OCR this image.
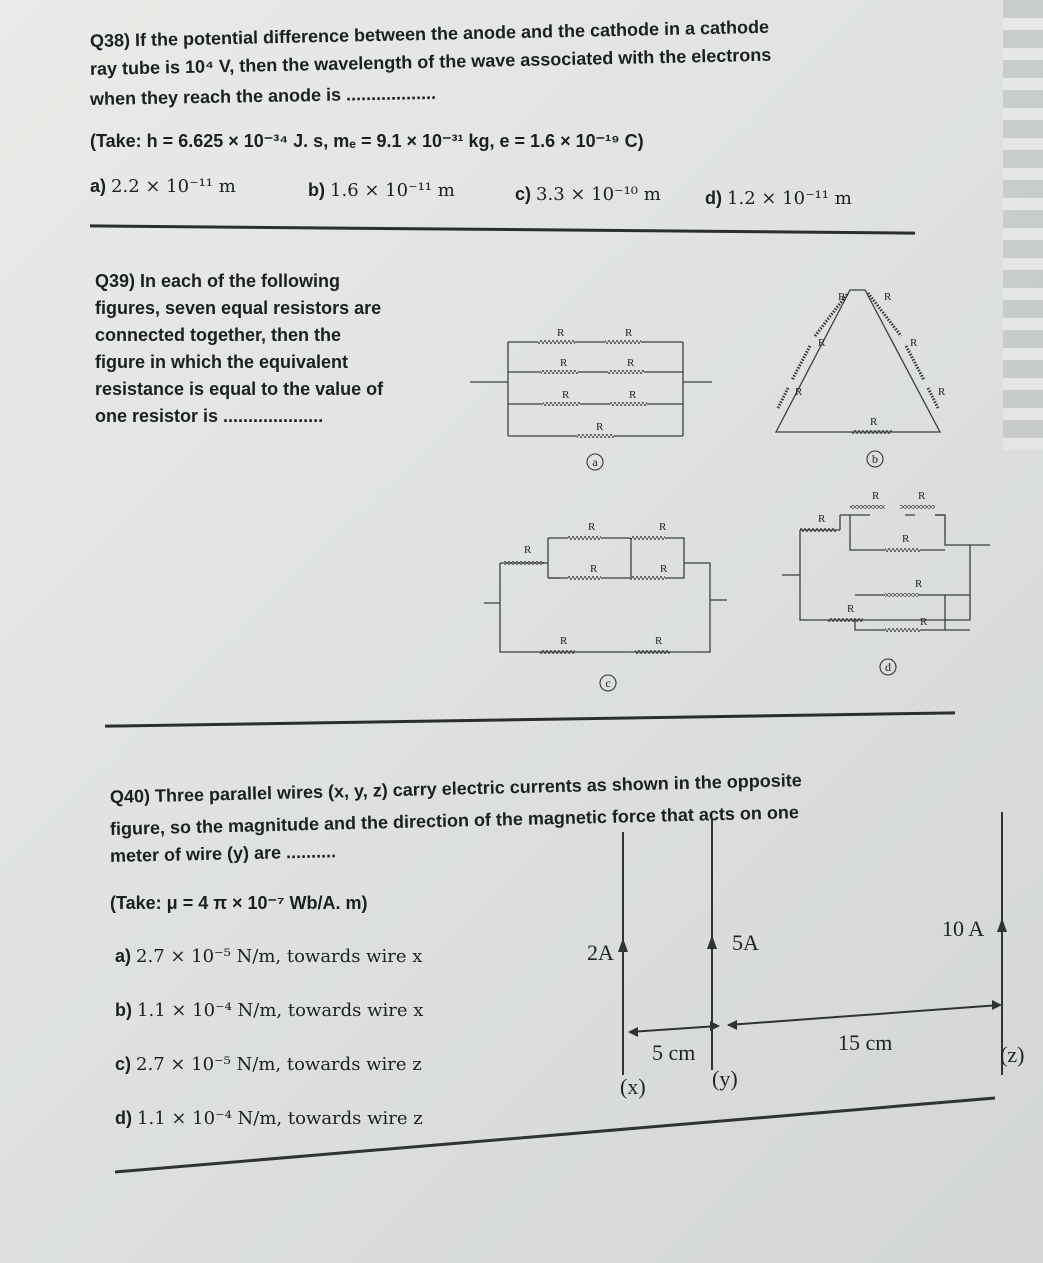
Q38) If the potential difference between the anode and the cathode in a cathode
ray tube is 10⁴ V, then the wavelength of the wave associated with the electrons
when they reach the anode is ..................
(Take: h = 6.625 × 10⁻³⁴ J. s, mₑ = 9.1 × 10⁻³¹ kg, e = 1.6 × 10⁻¹⁹ C)
a) 2.2 × 10⁻¹¹ m	b) 1.6 × 10⁻¹¹ m	c) 3.3 × 10⁻¹⁰ m d) 1.2 × 10⁻¹¹ m
Q39) In each of the following
figures, seven equal resistors are
connected together, then the
figure in which the equivalent
resistance is equal to the value of
one resistor is ....................
R	R
R	R
R	R
R
R	R
R	R
R	R
R
R
R	R
R	R
R	R
R
R	R
R
R
R
R
a	b
c
d
Q40) Three parallel wires (x, y, z) carry electric currents as shown in the opposite
figure, so the magnitude and the direction of the magnetic force that acts on one
meter of wire (y) are ..........
(Take: μ = 4 π × 10⁻⁷ Wb/A. m)
a) 2.7 × 10⁻⁵ N/m, towards wire x
b) 1.1 × 10⁻⁴ N/m, towards wire x
c) 2.7 × 10⁻⁵ N/m, towards wire z
d) 1.1 × 10⁻⁴ N/m, towards wire z
2A	5A
10 A
5 cm	15 cm
(x)	(y)
(z)
